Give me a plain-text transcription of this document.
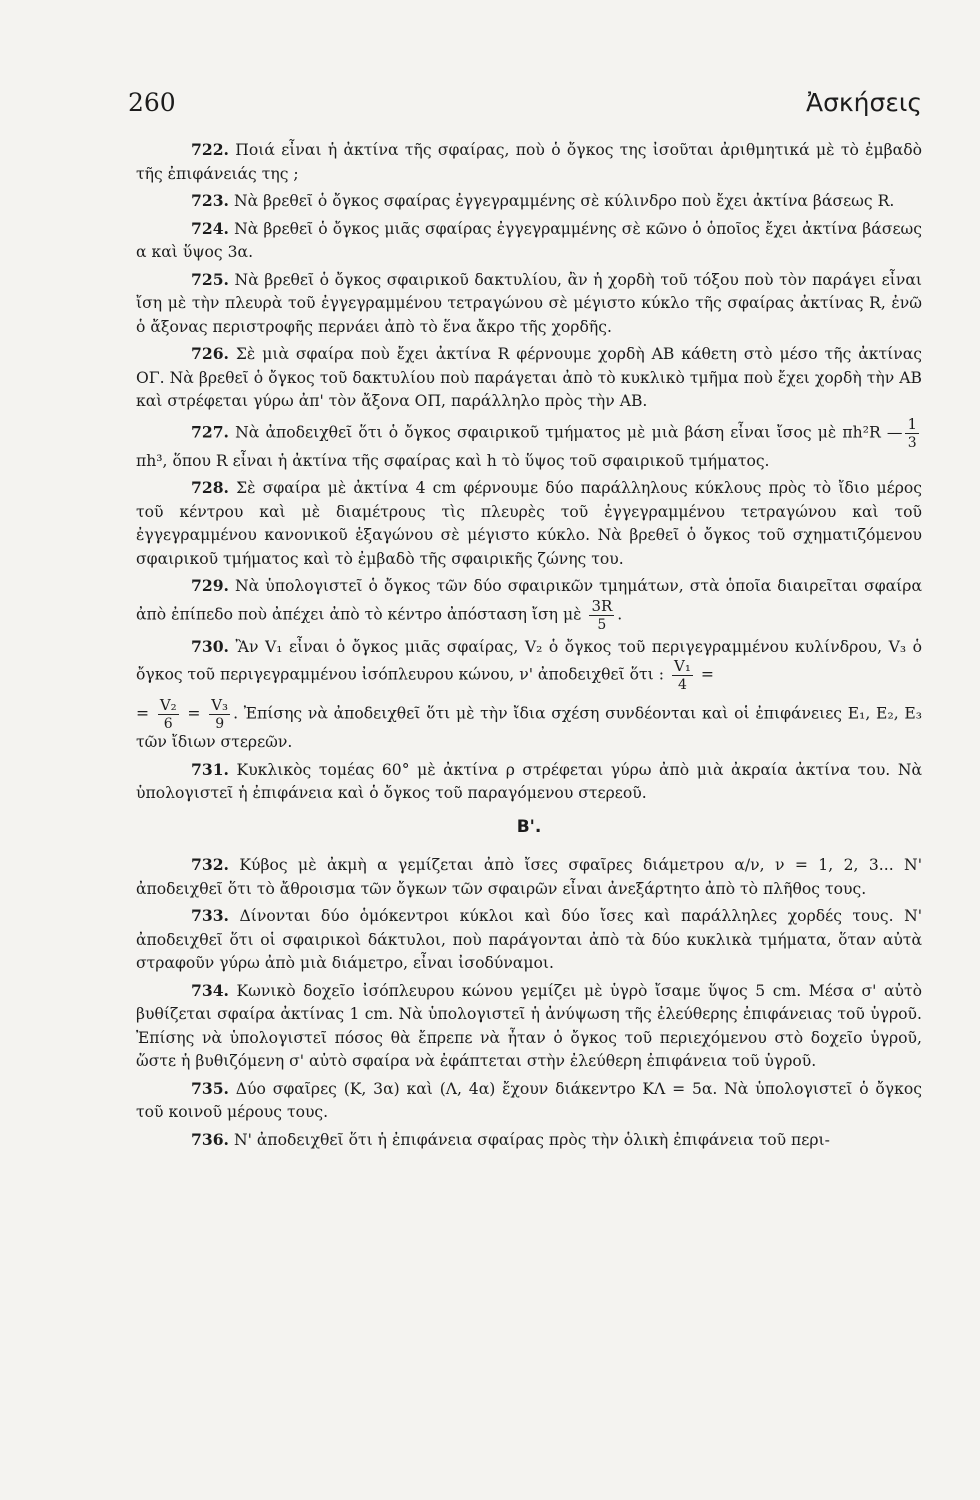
260	Ἀσκήσεις

722. Ποιά εἶναι ἡ ἀκτίνα τῆς σφαίρας, ποὺ ὁ ὄγκος της ἰσοῦται ἀριθμητικά μὲ τὸ ἐμβαδὸ τῆς ἐπιφάνειάς της ;

723. Νὰ βρεθεῖ ὁ ὄγκος σφαίρας ἐγγεγραμμένης σὲ κύλινδρο ποὺ ἔχει ἀκτίνα βάσεως R.

724. Νὰ βρεθεῖ ὁ ὄγκος μιᾶς σφαίρας ἐγγεγραμμένης σὲ κῶνο ὁ ὁποῖος ἔχει ἀκτίνα βάσεως α καὶ ὕψος 3α.

725. Νὰ βρεθεῖ ὁ ὄγκος σφαιρικοῦ δακτυλίου, ἂν ἡ χορδὴ τοῦ τόξου ποὺ τὸν παράγει εἶναι ἴση μὲ τὴν πλευρὰ τοῦ ἐγγεγραμμένου τετραγώνου σὲ μέγιστο κύκλο τῆς σφαίρας ἀκτίνας R, ἐνῶ ὁ ἄξονας περιστροφῆς περνάει ἀπὸ τὸ ἕνα ἄκρο τῆς χορδῆς.

726. Σὲ μιὰ σφαίρα ποὺ ἔχει ἀκτίνα R φέρνουμε χορδὴ AB κάθετη στὸ μέσο τῆς ἀκτίνας ΟΓ. Νὰ βρεθεῖ ὁ ὄγκος τοῦ δακτυλίου ποὺ παράγεται ἀπὸ τὸ κυκλικὸ τμῆμα ποὺ ἔχει χορδὴ τὴν AB καὶ στρέφεται γύρω ἀπ' τὸν ἄξονα ΟΠ, παράλληλο πρὸς τὴν AB.

727. Νὰ ἀποδειχθεῖ ὅτι ὁ ὄγκος σφαιρικοῦ τμήματος μὲ μιὰ βάση εἶναι ἴσος μὲ πh²R — $\frac{1}{3}$
πh³, ὅπου R εἶναι ἡ ἀκτίνα τῆς σφαίρας καὶ h τὸ ὕψος τοῦ σφαιρικοῦ τμήματος.

728. Σὲ σφαίρα μὲ ἀκτίνα 4 cm φέρνουμε δύο παράλληλους κύκλους πρὸς τὸ ἴδιο μέρος τοῦ κέντρου καὶ μὲ διαμέτρους τὶς πλευρὲς τοῦ ἐγγεγραμμένου τετραγώνου καὶ τοῦ ἐγγεγραμμένου κανονικοῦ ἑξαγώνου σὲ μέγιστο κύκλο. Νὰ βρεθεῖ ὁ ὄγκος τοῦ σχηματιζόμενου σφαιρικοῦ τμήματος καὶ τὸ ἐμβαδὸ τῆς σφαιρικῆς ζώνης του.

729. Νὰ ὑπολογιστεῖ ὁ ὄγκος τῶν δύο σφαιρικῶν τμημάτων, στὰ ὁποῖα διαιρεῖται σφαίρα ἀπὸ ἐπίπεδο ποὺ ἀπέχει ἀπὸ τὸ κέντρο ἀπόσταση ἴση μὲ $\frac{3R}{5}$ .

730. Ἂν V₁ εἶναι ὁ ὄγκος μιᾶς σφαίρας, V₂ ὁ ὄγκος τοῦ περιγεγραμμένου κυλίνδρου, V₃ ὁ ὄγκος τοῦ περιγεγραμμένου ἰσόπλευρου κώνου, ν' ἀποδειχθεῖ ὅτι : $\frac{\text{V₁}}{4}$ =

= $\frac{\text{V₂}}{6} = \frac{\text{V₃}}{9}$ . Ἐπίσης νὰ ἀποδειχθεῖ ὅτι μὲ τὴν ἴδια σχέση συνδέονται καὶ οἱ ἐπιφάνειες E₁, E₂, E₃ τῶν ἴδιων στερεῶν.

731. Κυκλικὸς τομέας 60° μὲ ἀκτίνα ρ στρέφεται γύρω ἀπὸ μιὰ ἀκραία ἀκτίνα του. Νὰ ὑπολογιστεῖ ἡ ἐπιφάνεια καὶ ὁ ὄγκος τοῦ παραγόμενου στερεοῦ.

B'.

732. Κύβος μὲ ἀκμὴ α γεμίζεται ἀπὸ ἴσες σφαῖρες διάμετρου α/ν, ν = 1, 2, 3... Ν' ἀποδειχθεῖ ὅτι τὸ ἄθροισμα τῶν ὄγκων τῶν σφαιρῶν εἶναι ἀνεξάρτητο ἀπὸ τὸ πλῆθος τους.

733. Δίνονται δύο ὁμόκεντροι κύκλοι καὶ δύο ἴσες καὶ παράλληλες χορδές τους. Ν' ἀποδειχθεῖ ὅτι οἱ σφαιρικοὶ δάκτυλοι, ποὺ παράγονται ἀπὸ τὰ δύο κυκλικὰ τμήματα, ὅταν αὐτὰ στραφοῦν γύρω ἀπὸ μιὰ διάμετρο, εἶναι ἰσοδύναμοι.

734. Κωνικὸ δοχεῖο ἰσόπλευρου κώνου γεμίζει μὲ ὑγρὸ ἴσαμε ὕψος 5 cm. Μέσα σ' αὐτὸ βυθίζεται σφαίρα ἀκτίνας 1 cm. Νὰ ὑπολογιστεῖ ἡ ἀνύψωση τῆς ἐλεύθερης ἐπιφάνειας τοῦ ὑγροῦ. Ἐπίσης νὰ ὑπολογιστεῖ πόσος θὰ ἔπρεπε νὰ ἦταν ὁ ὄγκος τοῦ περιεχόμενου στὸ δοχεῖο ὑγροῦ, ὥστε ἡ βυθιζόμενη σ' αὐτὸ σφαίρα νὰ ἐφάπτεται στὴν ἐλεύθερη ἐπιφάνεια τοῦ ὑγροῦ.

735. Δύο σφαῖρες (K, 3α) καὶ (Λ, 4α) ἔχουν διάκεντρο KΛ = 5α. Νὰ ὑπολογιστεῖ ὁ ὄγκος τοῦ κοινοῦ μέρους τους.

736. Ν' ἀποδειχθεῖ ὅτι ἡ ἐπιφάνεια σφαίρας πρὸς τὴν ὁλικὴ ἐπιφάνεια τοῦ περι-
